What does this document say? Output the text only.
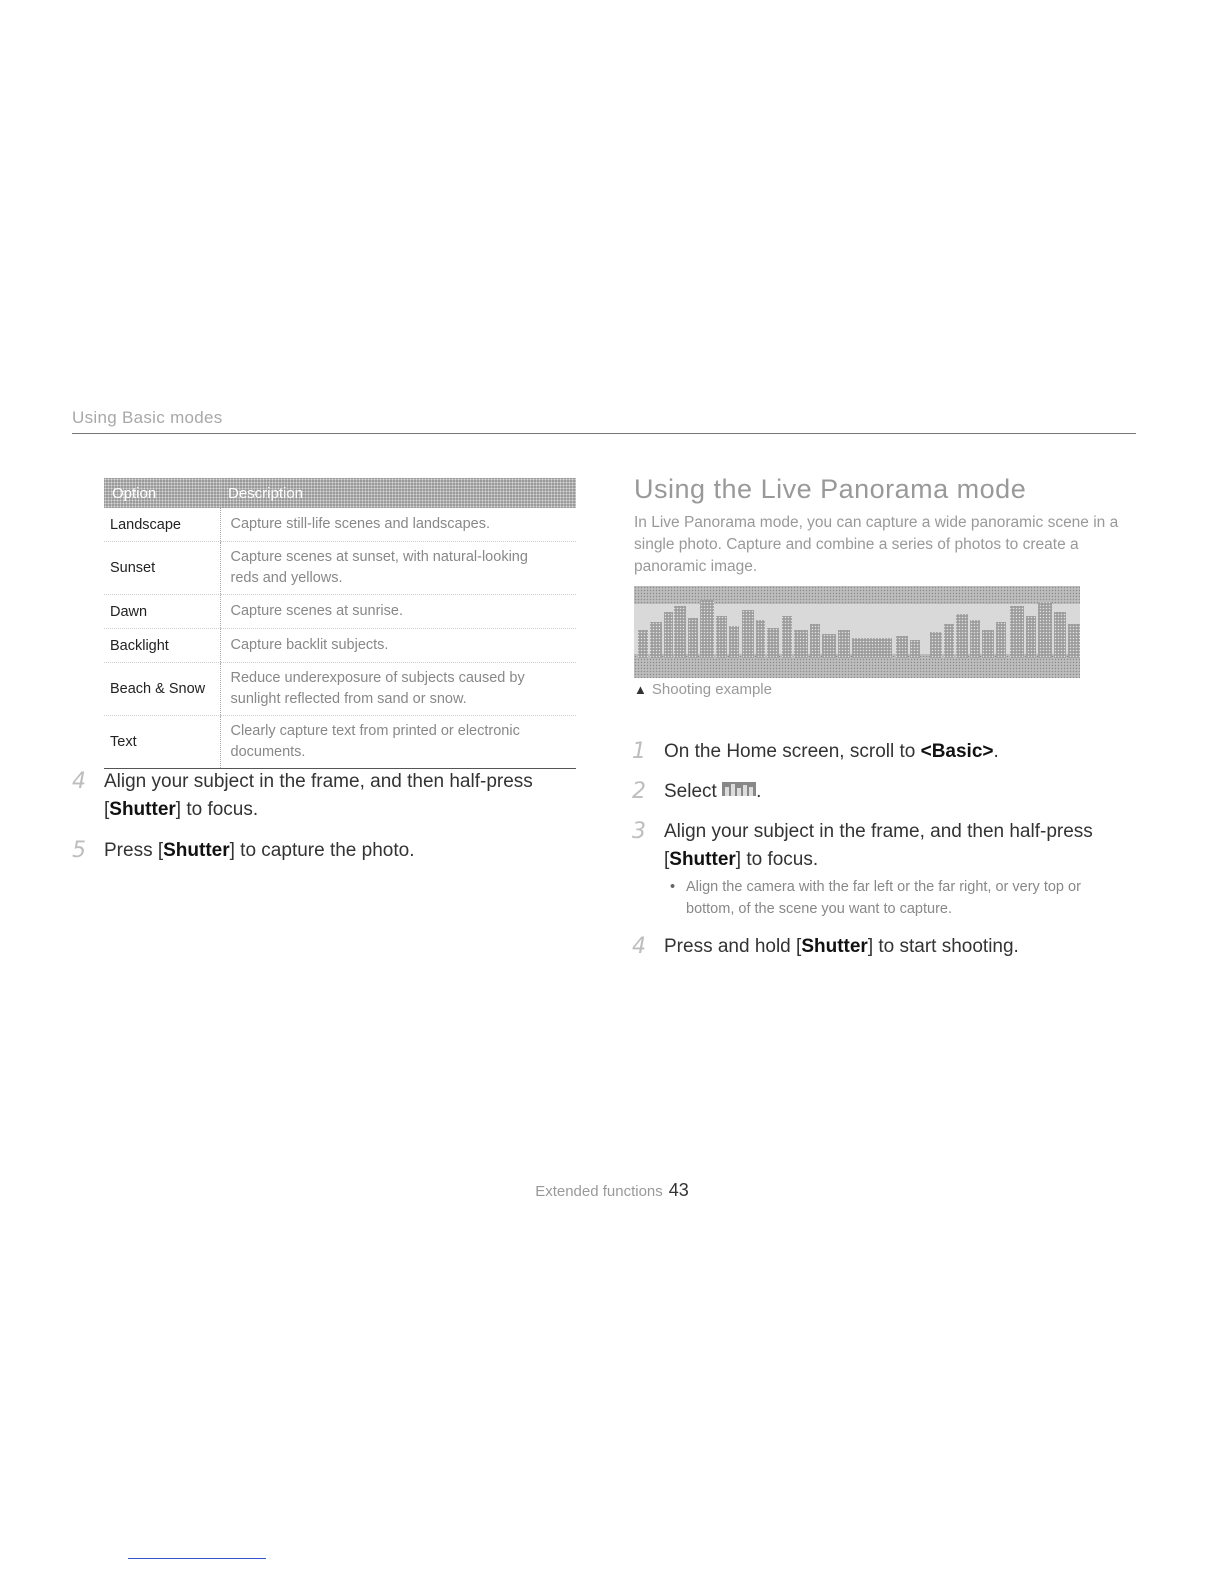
Using Basic modes
Option	Description
Landscape	Capture still-life scenes and landscapes.
Sunset	Capture scenes at sunset, with natural-looking
reds and yellows.
Dawn	Capture scenes at sunrise.
Backlight	Capture backlit subjects.
Beach & Snow	Reduce underexposure of subjects caused by
sunlight reflected from sand or snow.
Text	Clearly capture text from printed or electronic
documents.
4 Align your subject in the frame, and then half-press
[Shutter] to focus.
5 Press [Shutter] to capture the photo.
Using the Live Panorama mode
In Live Panorama mode, you can capture a wide panoramic scene in a single photo. Capture and combine a series of photos to create a panoramic image.
▲ Shooting example
1 On the Home screen, scroll to <Basic>.
2 Select .
3 Align your subject in the frame, and then half-press
[Shutter] to focus.
• Align the camera with the far left or the far right, or very top or
bottom, of the scene you want to capture.
4 Press and hold [Shutter] to start shooting.
Extended functions 43
